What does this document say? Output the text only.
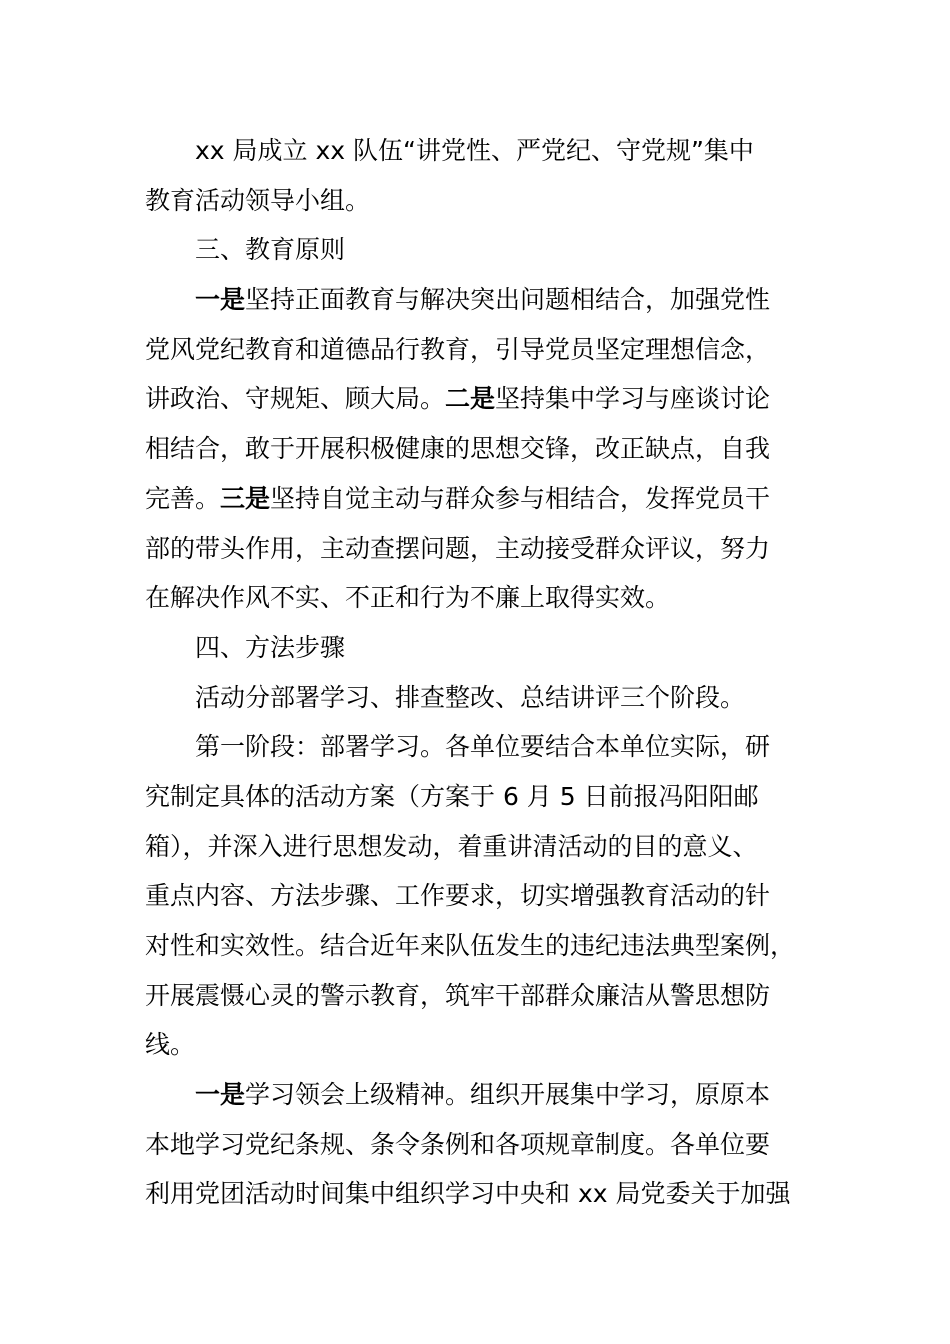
xx 局成立 xx 队伍“讲党性、严党纪、守党规”集中
教育活动领导小组。
三、教育原则
一是坚持正面教育与解决突出问题相结合，加强党性
党风党纪教育和道德品行教育，引导党员坚定理想信念，
讲政治、守规矩、顾大局。二是坚持集中学习与座谈讨论
相结合，敢于开展积极健康的思想交锋，改正缺点，自我
完善。三是坚持自觉主动与群众参与相结合，发挥党员干
部的带头作用，主动查摆问题，主动接受群众评议，努力
在解决作风不实、不正和行为不廉上取得实效。
四、方法步骤
活动分部署学习、排查整改、总结讲评三个阶段。
第一阶段：部署学习。各单位要结合本单位实际，研
究制定具体的活动方案（方案于 6 月 5 日前报冯阳阳邮
箱），并深入进行思想发动，着重讲清活动的目的意义、
重点内容、方法步骤、工作要求，切实增强教育活动的针
对性和实效性。结合近年来队伍发生的违纪违法典型案例，
开展震慑心灵的警示教育，筑牢干部群众廉洁从警思想防
线。
一是学习领会上级精神。组织开展集中学习，原原本
本地学习党纪条规、条令条例和各项规章制度。各单位要
利用党团活动时间集中组织学习中央和 xx 局党委关于加强
